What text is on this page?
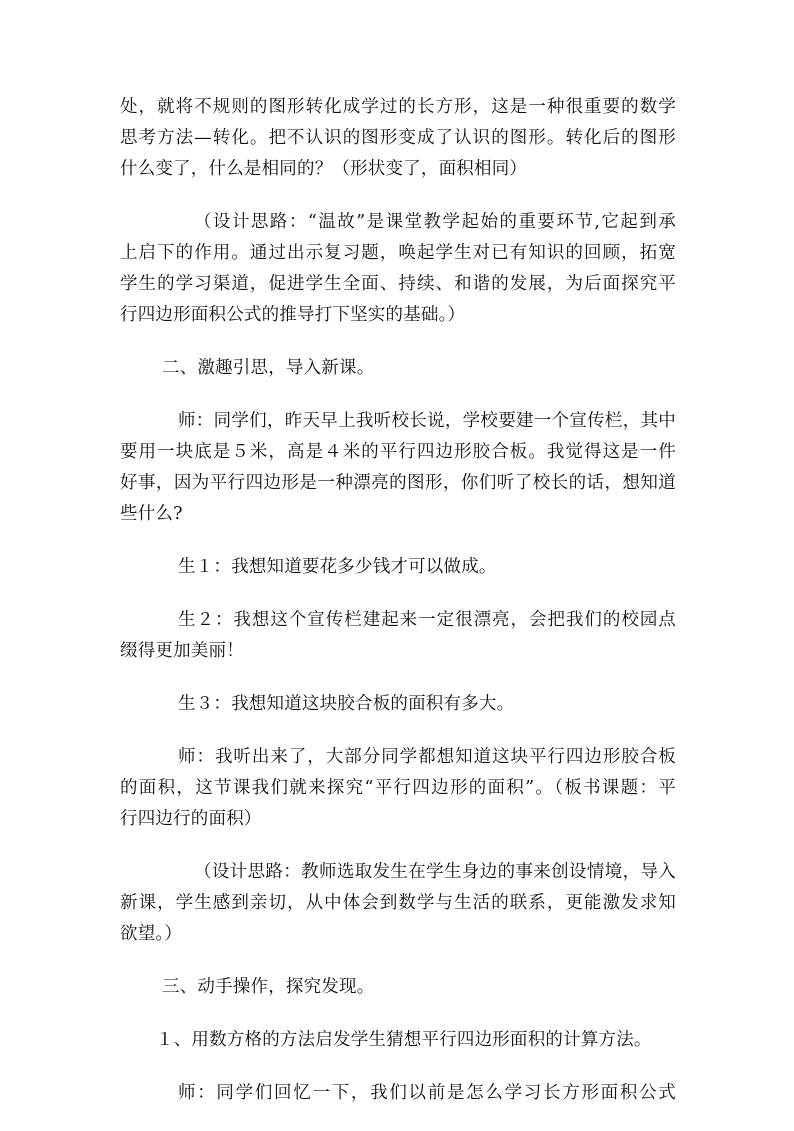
处，就将不规则的图形转化成学过的长方形，这是一种很重要的数学
思考方法—转化。把不认识的图形变成了认识的图形。转化后的图形
什么变了，什么是相同的？（形状变了，面积相同）
（设计思路：“温故”是课堂教学起始的重要环节,它起到承
上启下的作用。通过出示复习题，唤起学生对已有知识的回顾，拓宽
学生的学习渠道，促进学生全面、持续、和谐的发展，为后面探究平
行四边形面积公式的推导打下坚实的基础。）
二、激趣引思，导入新课。
师：同学们，昨天早上我听校长说，学校要建一个宣传栏，其中
要用一块底是５米，高是４米的平行四边形胶合板。我觉得这是一件
好事，因为平行四边形是一种漂亮的图形，你们听了校长的话，想知道
些什么?
生１：我想知道要花多少钱才可以做成。
生２：我想这个宣传栏建起来一定很漂亮，会把我们的校园点
缀得更加美丽！
生３：我想知道这块胶合板的面积有多大。
师：我听出来了，大部分同学都想知道这块平行四边形胶合板
的面积，这节课我们就来探究“平行四边形的面积”。（板书课题：平
行四边行的面积）
（设计思路：教师选取发生在学生身边的事来创设情境，导入
新课，学生感到亲切，从中体会到数学与生活的联系，更能激发求知
欲望。）
三、动手操作，探究发现。
１、用数方格的方法启发学生猜想平行四边形面积的计算方法。
师：同学们回忆一下，我们以前是怎么学习长方形面积公式
